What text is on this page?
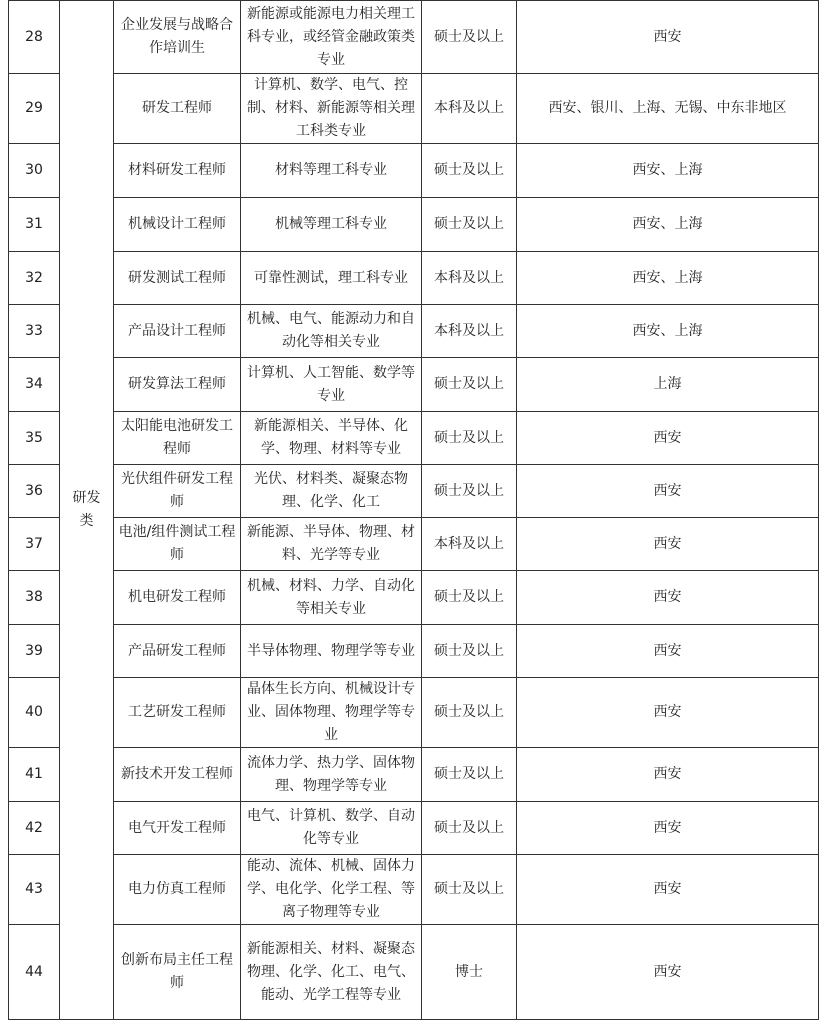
28	研发类	企业发展与战略合作培训生	新能源或能源电力相关理工科专业，或经管金融政策类专业	硕士及以上	西安
29		研发工程师	计算机、数学、电气、控制、材料、新能源等相关理工科类专业	本科及以上	西安、银川、上海、无锡、中东非地区
30		材料研发工程师	材料等理工科专业	硕士及以上	西安、上海
31		机械设计工程师	机械等理工科专业	硕士及以上	西安、上海
32		研发测试工程师	可靠性测试，理工科专业	本科及以上	西安、上海
33		产品设计工程师	机械、电气、能源动力和自动化等相关专业	本科及以上	西安、上海
34		研发算法工程师	计算机、人工智能、数学等专业	硕士及以上	上海
35		太阳能电池研发工程师	新能源相关、半导体、化学、物理、材料等专业	硕士及以上	西安
36		光伏组件研发工程师	光伏、材料类、凝聚态物理、化学、化工	硕士及以上	西安
37		电池/组件测试工程师	新能源、半导体、物理、材料、光学等专业	本科及以上	西安
38		机电研发工程师	机械、材料、力学、自动化等相关专业	硕士及以上	西安
39		产品研发工程师	半导体物理、物理学等专业	硕士及以上	西安
40		工艺研发工程师	晶体生长方向、机械设计专业、固体物理、物理学等专业	硕士及以上	西安
41		新技术开发工程师	流体力学、热力学、固体物理、物理学等专业	硕士及以上	西安
42		电气开发工程师	电气、计算机、数学、自动化等专业	硕士及以上	西安
43		电力仿真工程师	能动、流体、机械、固体力学、电化学、化学工程、等离子物理等专业	硕士及以上	西安
44		创新布局主任工程师	新能源相关、材料、凝聚态物理、化学、化工、电气、能动、光学工程等专业	博士	西安
